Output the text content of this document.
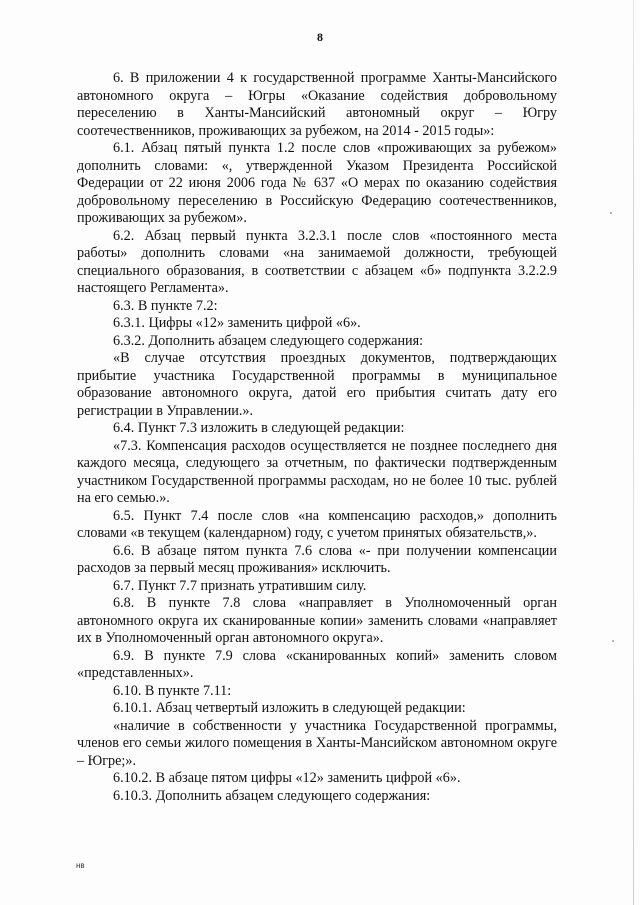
8

6. В приложении 4 к государственной программе Ханты-Мансийского автономного округа – Югры «Оказание содействия добровольному переселению в Ханты-Мансийский автономный округ – Югру соотечественников, проживающих за рубежом, на 2014 - 2015 годы»:

6.1. Абзац пятый пункта 1.2 после слов «проживающих за рубежом» дополнить словами: «, утвержденной Указом Президента Российской Федерации от 22 июня 2006 года № 637 «О мерах по оказанию содействия добровольному переселению в Российскую Федерацию соотечественников, проживающих за рубежом».

6.2. Абзац первый пункта 3.2.3.1 после слов «постоянного места работы» дополнить словами «на занимаемой должности, требующей специального образования, в соответствии с абзацем «б» подпункта 3.2.2.9 настоящего Регламента».

6.3. В пункте 7.2:

6.3.1. Цифры «12» заменить цифрой «6».

6.3.2. Дополнить абзацем следующего содержания:

«В случае отсутствия проездных документов, подтверждающих прибытие участника Государственной программы в муниципальное образование автономного округа, датой его прибытия считать дату его регистрации в Управлении.».

6.4. Пункт 7.3 изложить в следующей редакции:

«7.3. Компенсация расходов осуществляется не позднее последнего дня каждого месяца, следующего за отчетным, по фактически подтвержденным участником Государственной программы расходам, но не более 10 тыс. рублей на его семью.».

6.5. Пункт 7.4 после слов «на компенсацию расходов,» дополнить словами «в текущем (календарном) году, с учетом принятых обязательств,».

6.6. В абзаце пятом пункта 7.6 слова «- при получении компенсации расходов за первый месяц проживания» исключить.

6.7. Пункт 7.7 признать утратившим силу.

6.8. В пункте 7.8 слова «направляет в Уполномоченный орган автономного округа их сканированные копии» заменить словами «направляет их в Уполномоченный орган автономного округа».

6.9. В пункте 7.9 слова «сканированных копий» заменить словом «представленных».

6.10. В пункте 7.11:

6.10.1. Абзац четвертый изложить в следующей редакции:

«наличие в собственности у участника Государственной программы, членов его семьи жилого помещения в Ханты-Мансийском автономном округе – Югре;».

6.10.2. В абзаце пятом цифры «12» заменить цифрой «6».

6.10.3. Дополнить абзацем следующего содержания:

нв
